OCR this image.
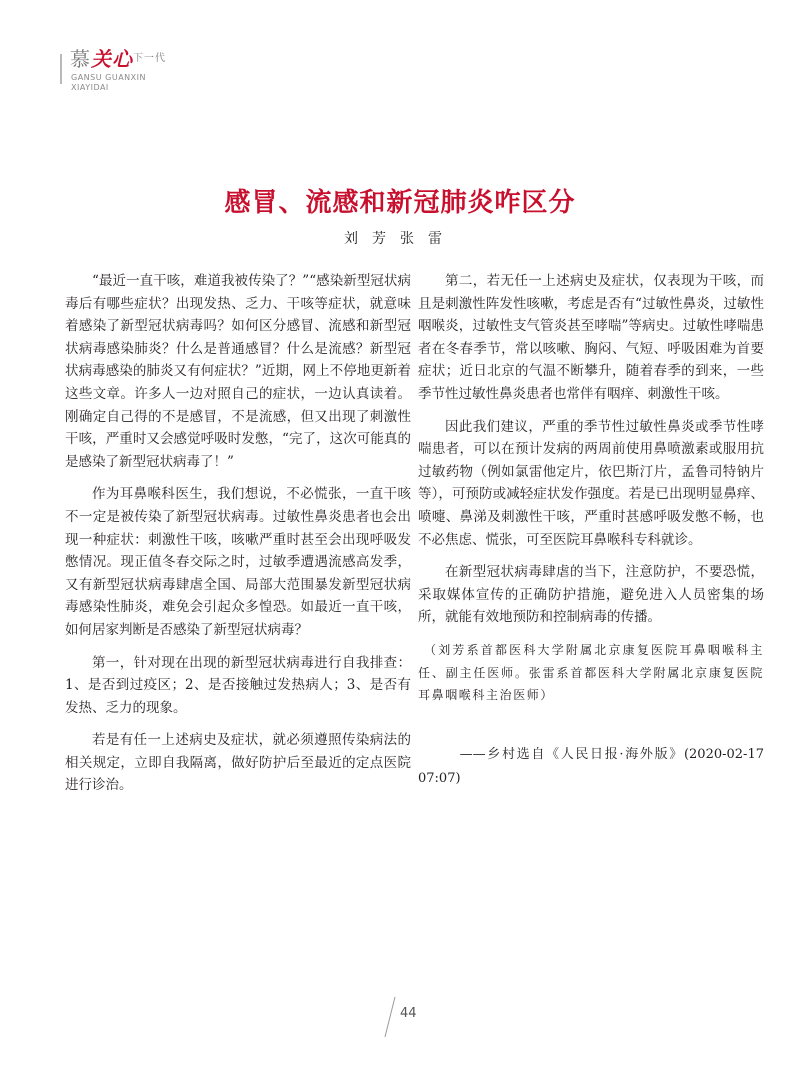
慕关心$^{下一代}$
GANSU GUANXIN
XIAYIDAI
感冒、流感和新冠肺炎咋区分
刘芳张雷

“最近一直干咳，难道我被传染了？”“感染新型冠状病毒后有哪些症状？出现发热、乏力、干咳等症状，就意味着感染了新型冠状病毒吗？如何区分感冒、流感和新型冠状病毒感染肺炎？什么是普通感冒？什么是流感？新型冠状病毒感染的肺炎又有何症状？”近期，网上不停地更新着这些文章。许多人一边对照自己的症状，一边认真读着。刚确定自己得的不是感冒，不是流感，但又出现了刺激性干咳，严重时又会感觉呼吸时发憋，“完了，这次可能真的是感染了新型冠状病毒了！”

作为耳鼻喉科医生，我们想说，不必慌张，一直干咳不一定是被传染了新型冠状病毒。过敏性鼻炎患者也会出现一种症状：刺激性干咳，咳嗽严重时甚至会出现呼吸发憋情况。现正值冬春交际之时，过敏季遭遇流感高发季，又有新型冠状病毒肆虐全国、局部大范围暴发新型冠状病毒感染性肺炎，难免会引起众多惶恐。如最近一直干咳，如何居家判断是否感染了新型冠状病毒？

第一，针对现在出现的新型冠状病毒进行自我排查：1、是否到过疫区；2、是否接触过发热病人；3、是否有发热、乏力的现象。

若是有任一上述病史及症状，就必须遵照传染病法的相关规定，立即自我隔离，做好防护后至最近的定点医院进行诊治。

第二，若无任一上述病史及症状，仅表现为干咳，而且是刺激性阵发性咳嗽，考虑是否有“过敏性鼻炎，过敏性咽喉炎，过敏性支气管炎甚至哮喘”等病史。过敏性哮喘患者在冬春季节，常以咳嗽、胸闷、气短、呼吸困难为首要症状；近日北京的气温不断攀升，随着春季的到来，一些季节性过敏性鼻炎患者也常伴有咽痒、刺激性干咳。

因此我们建议，严重的季节性过敏性鼻炎或季节性哮喘患者，可以在预计发病的两周前使用鼻喷激素或服用抗过敏药物（例如氯雷他定片，依巴斯汀片，孟鲁司特钠片等），可预防或减轻症状发作强度。若是已出现明显鼻痒、喷嚏、鼻涕及刺激性干咳，严重时甚感呼吸发憋不畅，也不必焦虑、慌张，可至医院耳鼻喉科专科就诊。

在新型冠状病毒肆虐的当下，注意防护，不要恐慌，采取媒体宣传的正确防护措施，避免进入人员密集的场所，就能有效地预防和控制病毒的传播。

（刘芳系首都医科大学附属北京康复医院耳鼻咽喉科主任、副主任医师。张雷系首都医科大学附属北京康复医院耳鼻咽喉科主治医师）
——乡村选自《人民日报·海外版》(2020-02-17 07:07)
44
